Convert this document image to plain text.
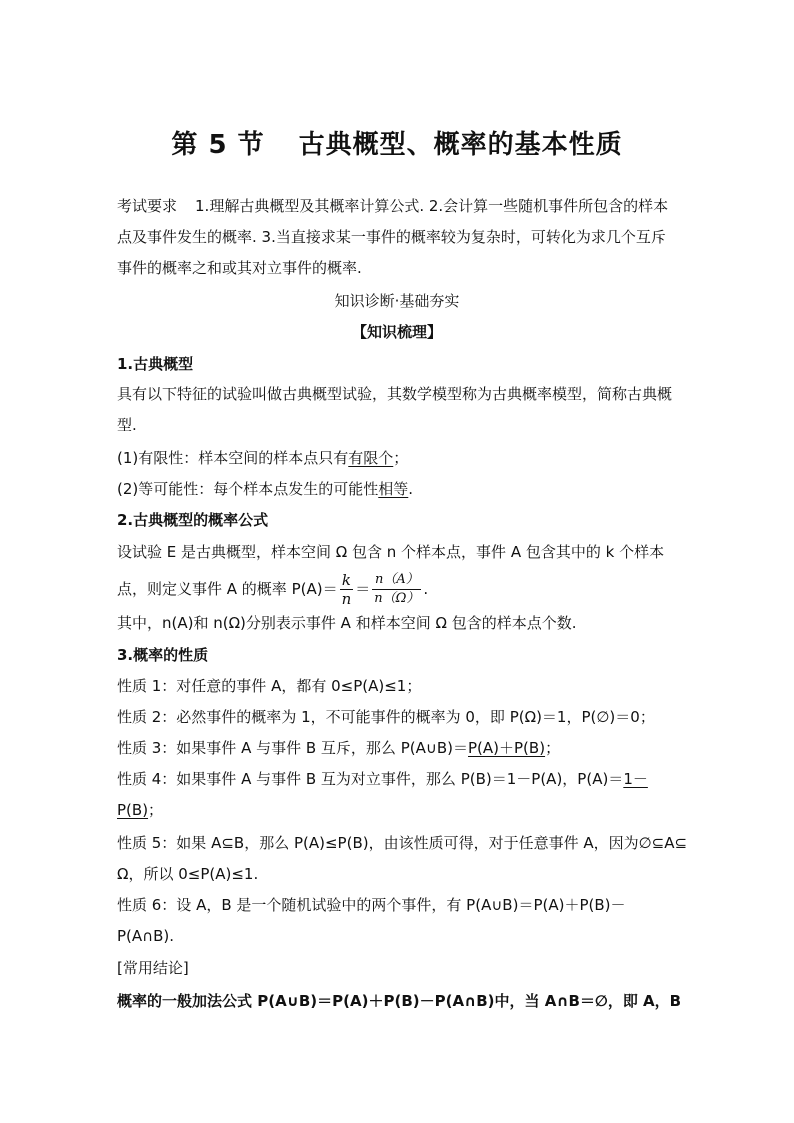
第 5 节 古典概型、概率的基本性质
考试要求 1.理解古典概型及其概率计算公式. 2.会计算一些随机事件所包含的样本点及事件发生的概率. 3.当直接求某一事件的概率较为复杂时，可转化为求几个互斥事件的概率之和或其对立事件的概率.
知识诊断·基础夯实
【知识梳理】
1.古典概型
具有以下特征的试验叫做古典概型试验，其数学模型称为古典概率模型，简称古典概型.
(1)有限性：样本空间的样本点只有有限个；
(2)等可能性：每个样本点发生的可能性相等.
2.古典概型的概率公式
设试验 E 是古典概型，样本空间 Ω 包含 n 个样本点，事件 A 包含其中的 k 个样本
点，则定义事件 A 的概率 $P(A)= \frac{k}{n} = \frac{n(A)}{n(\Omega)}$ .
其中，n(A)和 n(Ω)分别表示事件 A 和样本空间 Ω 包含的样本点个数.
3.概率的性质
性质 1：对任意的事件 A，都有 0≤P(A)≤1；
性质 2：必然事件的概率为 1，不可能事件的概率为 0，即 P(Ω)＝1，P(∅)＝0；
性质 3：如果事件 A 与事件 B 互斥，那么 P(A∪B)＝P(A)＋P(B)；
性质 4：如果事件 A 与事件 B 互为对立事件，那么 P(B)＝1－P(A)，P(A)＝1－
P(B)；
性质 5：如果 A⊆B，那么 P(A)≤P(B)，由该性质可得，对于任意事件 A，因为∅⊆A⊆
Ω，所以 0≤P(A)≤1.
性质 6：设 A，B 是一个随机试验中的两个事件，有 P(A∪B)＝P(A)＋P(B)－
P(A∩B).
[常用结论]
概率的一般加法公式 P(A∪B)＝P(A)＋P(B)－P(A∩B)中，当 A∩B＝∅，即 A，B
